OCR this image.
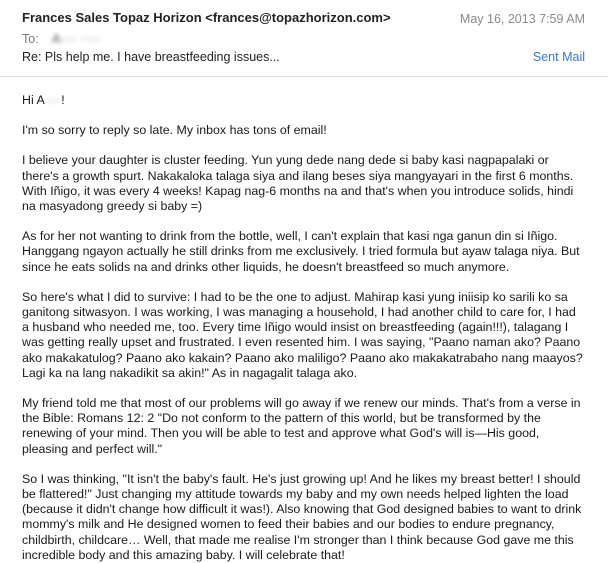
Frances Sales Topaz Horizon <frances@topazhorizon.com>	May 16, 2013 7:59 AM
To: A···· ·····
Re: Pls help me. I have breastfeeding issues...	Sent Mail

Hi A····!

I'm so sorry to reply so late. My inbox has tons of email!

I believe your daughter is cluster feeding. Yun yung dede nang dede si baby kasi nagpapalaki or there's a growth spurt. Nakakaloka talaga siya and ilang beses siya mangyayari in the first 6 months. With Iñigo, it was every 4 weeks! Kapag nag-6 months na and that's when you introduce solids, hindi na masyadong greedy si baby =)

As for her not wanting to drink from the bottle, well, I can't explain that kasi nga ganun din si Iñigo. Hanggang ngayon actually he still drinks from me exclusively. I tried formula but ayaw talaga niya. But since he eats solids na and drinks other liquids, he doesn't breastfeed so much anymore.

So here's what I did to survive: I had to be the one to adjust. Mahirap kasi yung iniisip ko sarili ko sa ganitong sitwasyon. I was working, I was managing a household, I had another child to care for, I had a husband who needed me, too. Every time Iñigo would insist on breastfeeding (again!!!), talagang I was getting really upset and frustrated. I even resented him. I was saying, "Paano naman ako? Paano ako makakatulog? Paano ako kakain? Paano ako maliligo? Paano ako makakatrabaho nang maayos? Lagi ka na lang nakadikit sa akin!" As in nagagalit talaga ako.

My friend told me that most of our problems will go away if we renew our minds. That's from a verse in the Bible: Romans 12: 2 "Do not conform to the pattern of this world, but be transformed by the renewing of your mind. Then you will be able to test and approve what God's will is—His good, pleasing and perfect will."

So I was thinking, "It isn't the baby's fault. He's just growing up! And he likes my breast better! I should be flattered!" Just changing my attitude towards my baby and my own needs helped lighten the load (because it didn't change how difficult it was!). Also knowing that God designed babies to want to drink mommy's milk and He designed women to feed their babies and our bodies to endure pregnancy, childbirth, childcare… Well, that made me realise I'm stronger than I think because God gave me this incredible body and this amazing baby. I will celebrate that!
